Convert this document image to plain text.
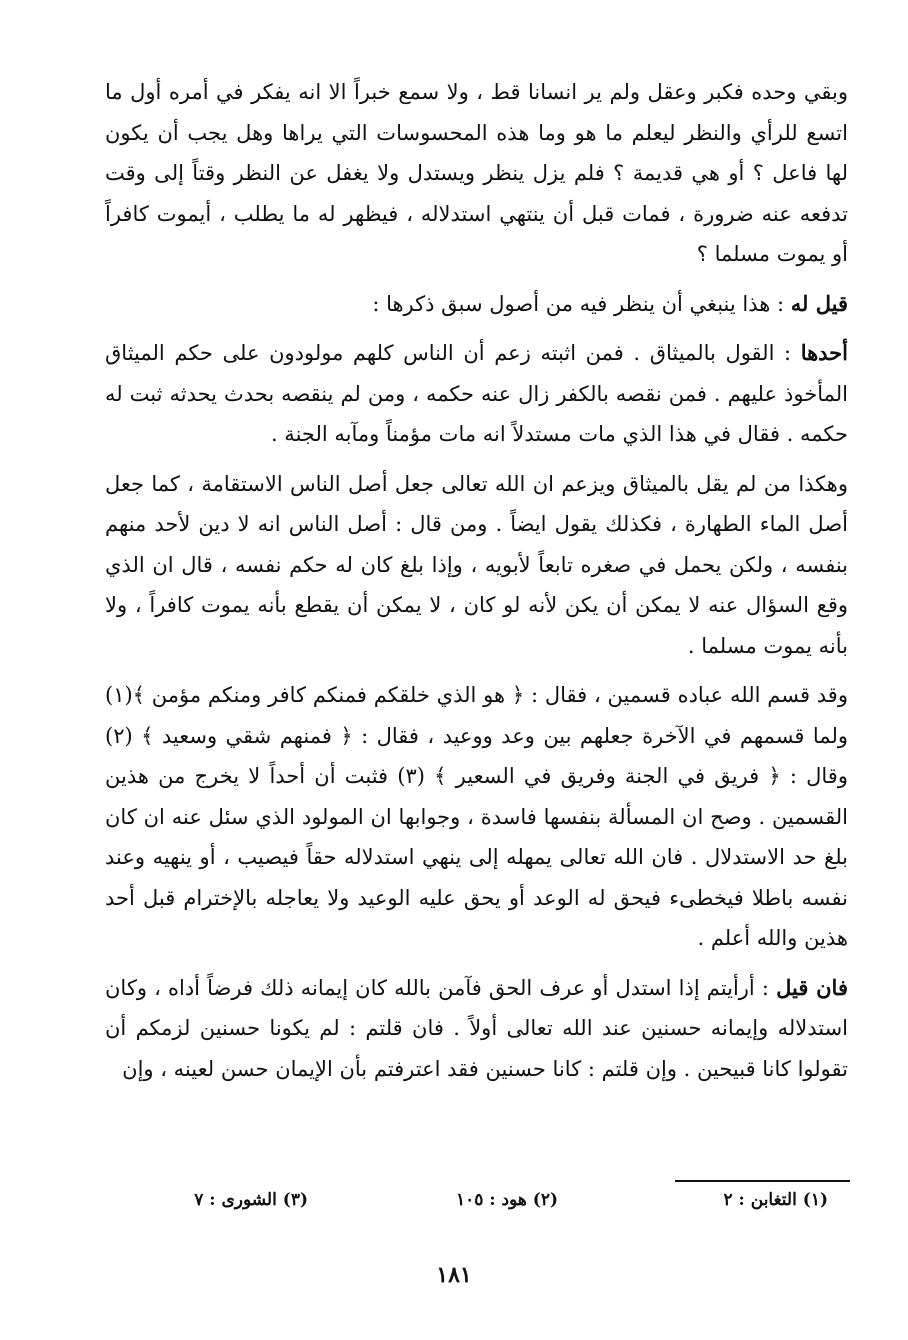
وبقي وحده فكبر وعقل ولم ير انسانا قط ، ولا سمع خبراً الا انه يفكر في أمره أول ما اتسع للرأي والنظر ليعلم ما هو وما هذه المحسوسات التي يراها وهل يجب أن يكون لها فاعل ؟ أو هي قديمة ؟ فلم يزل ينظر ويستدل ولا يغفل عن النظر وقتاً إلى وقت تدفعه عنه ضرورة ، فمات قبل أن ينتهي استدلاله ، فيظهر له ما يطلب ، أيموت كافراً أو يموت مسلما ؟

قيل له : هذا ينبغي أن ينظر فيه من أصول سبق ذكرها :

أحدها : القول بالميثاق . فمن اثبته زعم أن الناس كلهم مولودون على حكم الميثاق المأخوذ عليهم . فمن نقصه بالكفر زال عنه حكمه ، ومن لم ينقصه بحدث يحدثه ثبت له حكمه . فقال في هذا الذي مات مستدلاً انه مات مؤمناً ومآبه الجنة .

وهكذا من لم يقل بالميثاق ويزعم ان الله تعالى جعل أصل الناس الاستقامة ، كما جعل أصل الماء الطهارة ، فكذلك يقول ايضاً . ومن قال : أصل الناس انه لا دين لأحد منهم بنفسه ، ولكن يحمل في صغره تابعاً لأبويه ، وإذا بلغ كان له حكم نفسه ، قال ان الذي وقع السؤال عنه لا يمكن أن يكن لأنه لو كان ، لا يمكن أن يقطع بأنه يموت كافراً ، ولا بأنه يموت مسلما .

وقد قسم الله عباده قسمين ، فقال : ﴿ هو الذي خلقكم فمنكم كافر ومنكم مؤمن ﴾(١) ولما قسمهم في الآخرة جعلهم بين وعد ووعيد ، فقال : ﴿ فمنهم شقي وسعيد ﴾ (٢) وقال : ﴿ فريق في الجنة وفريق في السعير ﴾ (٣) فثبت أن أحداً لا يخرج من هذين القسمين . وصح ان المسألة بنفسها فاسدة ، وجوابها ان المولود الذي سئل عنه ان كان بلغ حد الاستدلال . فان الله تعالى يمهله إلى ينهي استدلاله حقاً فيصيب ، أو ينهيه وعند نفسه باطلا فيخطىء فيحق له الوعد أو يحق عليه الوعيد ولا يعاجله بالإخترام قبل أحد هذين والله أعلم .

فان قيل : أرأيتم إذا استدل أو عرف الحق فآمن بالله كان إيمانه ذلك فرضاً أداه ، وكان استدلاله وإيمانه حسنين عند الله تعالى أولاً . فان قلتم : لم يكونا حسنين لزمكم أن تقولوا كانا قبيحين . وإن قلتم : كانا حسنين فقد اعترفتم بأن الإيمان حسن لعينه ، وإن

(١) التغابن : ٢
(٢) هود : ١٠٥
(٣) الشورى : ٧
١٨١
